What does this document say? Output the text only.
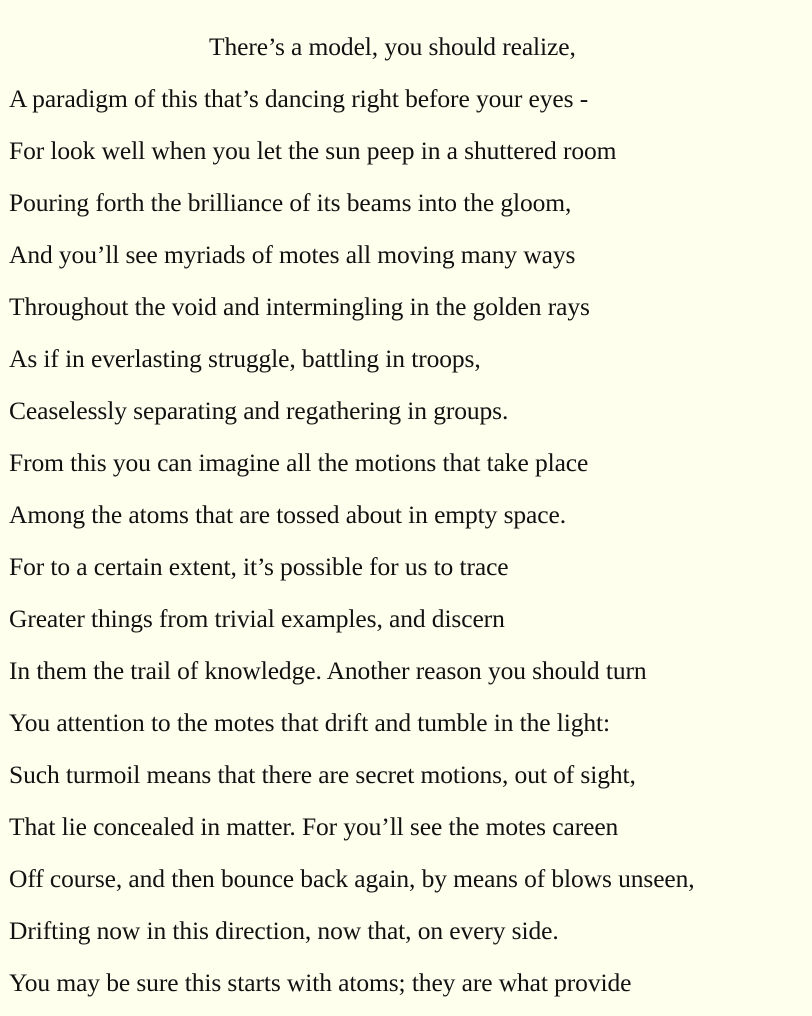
There’s a model, you should realize,
A paradigm of this that’s dancing right before your eyes -
For look well when you let the sun peep in a shuttered room
Pouring forth the brilliance of its beams into the gloom,
And you’ll see myriads of motes all moving many ways
Throughout the void and intermingling in the golden rays
As if in everlasting struggle, battling in troops,
Ceaselessly separating and regathering in groups.
From this you can imagine all the motions that take place
Among the atoms that are tossed about in empty space.
For to a certain extent, it’s possible for us to trace
Greater things from trivial examples, and discern
In them the trail of knowledge. Another reason you should turn
You attention to the motes that drift and tumble in the light:
Such turmoil means that there are secret motions, out of sight,
That lie concealed in matter. For you’ll see the motes careen
Off course, and then bounce back again, by means of blows unseen,
Drifting now in this direction, now that, on every side.
You may be sure this starts with atoms; they are what provide
